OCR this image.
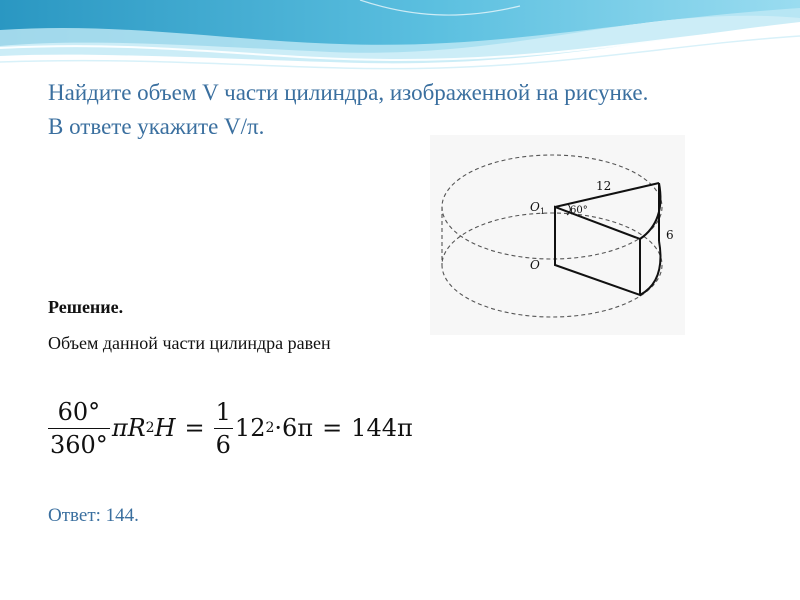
Найдите объем V части цилиндра, изображенной на рисунке.
В ответе укажите V/π.
O 1
O
60°
12
6
Решение.
Объем данной части цилиндра равен
$\frac{60^\circ}{360^\circ}$ π R 2 $H = \frac{1}{6} 12$ 2 ·6π = 144π
Ответ: 144.
